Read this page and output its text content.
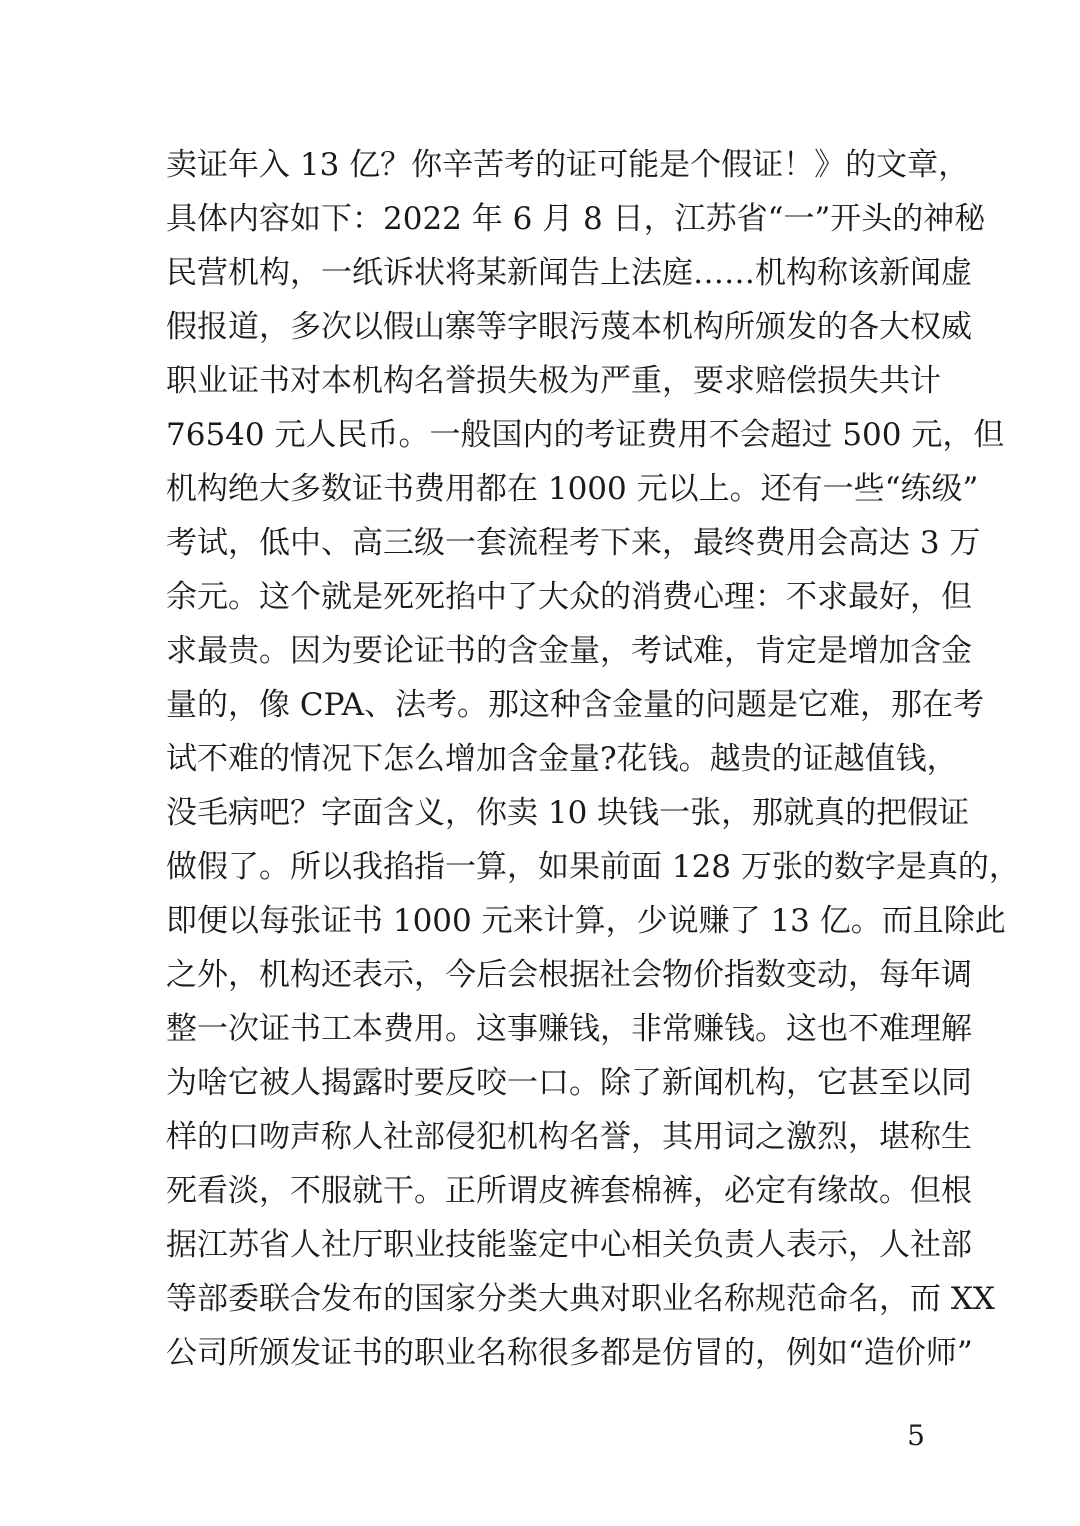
卖证年入 13 亿？你辛苦考的证可能是个假证！》的文章，
具体内容如下：2022 年 6 月 8 日，江苏省“一”开头的神秘
民营机构，一纸诉状将某新闻告上法庭……机构称该新闻虚
假报道，多次以假山寨等字眼污蔑本机构所颁发的各大权威
职业证书对本机构名誉损失极为严重，要求赔偿损失共计
76540 元人民币。一般国内的考证费用不会超过 500 元，但
机构绝大多数证书费用都在 1000 元以上。还有一些“练级”
考试，低中、高三级一套流程考下来，最终费用会高达 3 万
余元。这个就是死死掐中了大众的消费心理：不求最好，但
求最贵。因为要论证书的含金量，考试难，肯定是增加含金
量的，像 CPA、法考。那这种含金量的问题是它难，那在考
试不难的情况下怎么增加含金量?花钱。越贵的证越值钱，
没毛病吧？字面含义，你卖 10 块钱一张，那就真的把假证
做假了。所以我掐指一算，如果前面 128 万张的数字是真的，
即便以每张证书 1000 元来计算，少说赚了 13 亿。而且除此
之外，机构还表示，今后会根据社会物价指数变动，每年调
整一次证书工本费用。这事赚钱，非常赚钱。这也不难理解
为啥它被人揭露时要反咬一口。除了新闻机构，它甚至以同
样的口吻声称人社部侵犯机构名誉，其用词之激烈，堪称生
死看淡，不服就干。正所谓皮裤套棉裤，必定有缘故。但根
据江苏省人社厅职业技能鉴定中心相关负责人表示，人社部
等部委联合发布的国家分类大典对职业名称规范命名，而 XX
公司所颁发证书的职业名称很多都是仿冒的，例如“造价师”
5
